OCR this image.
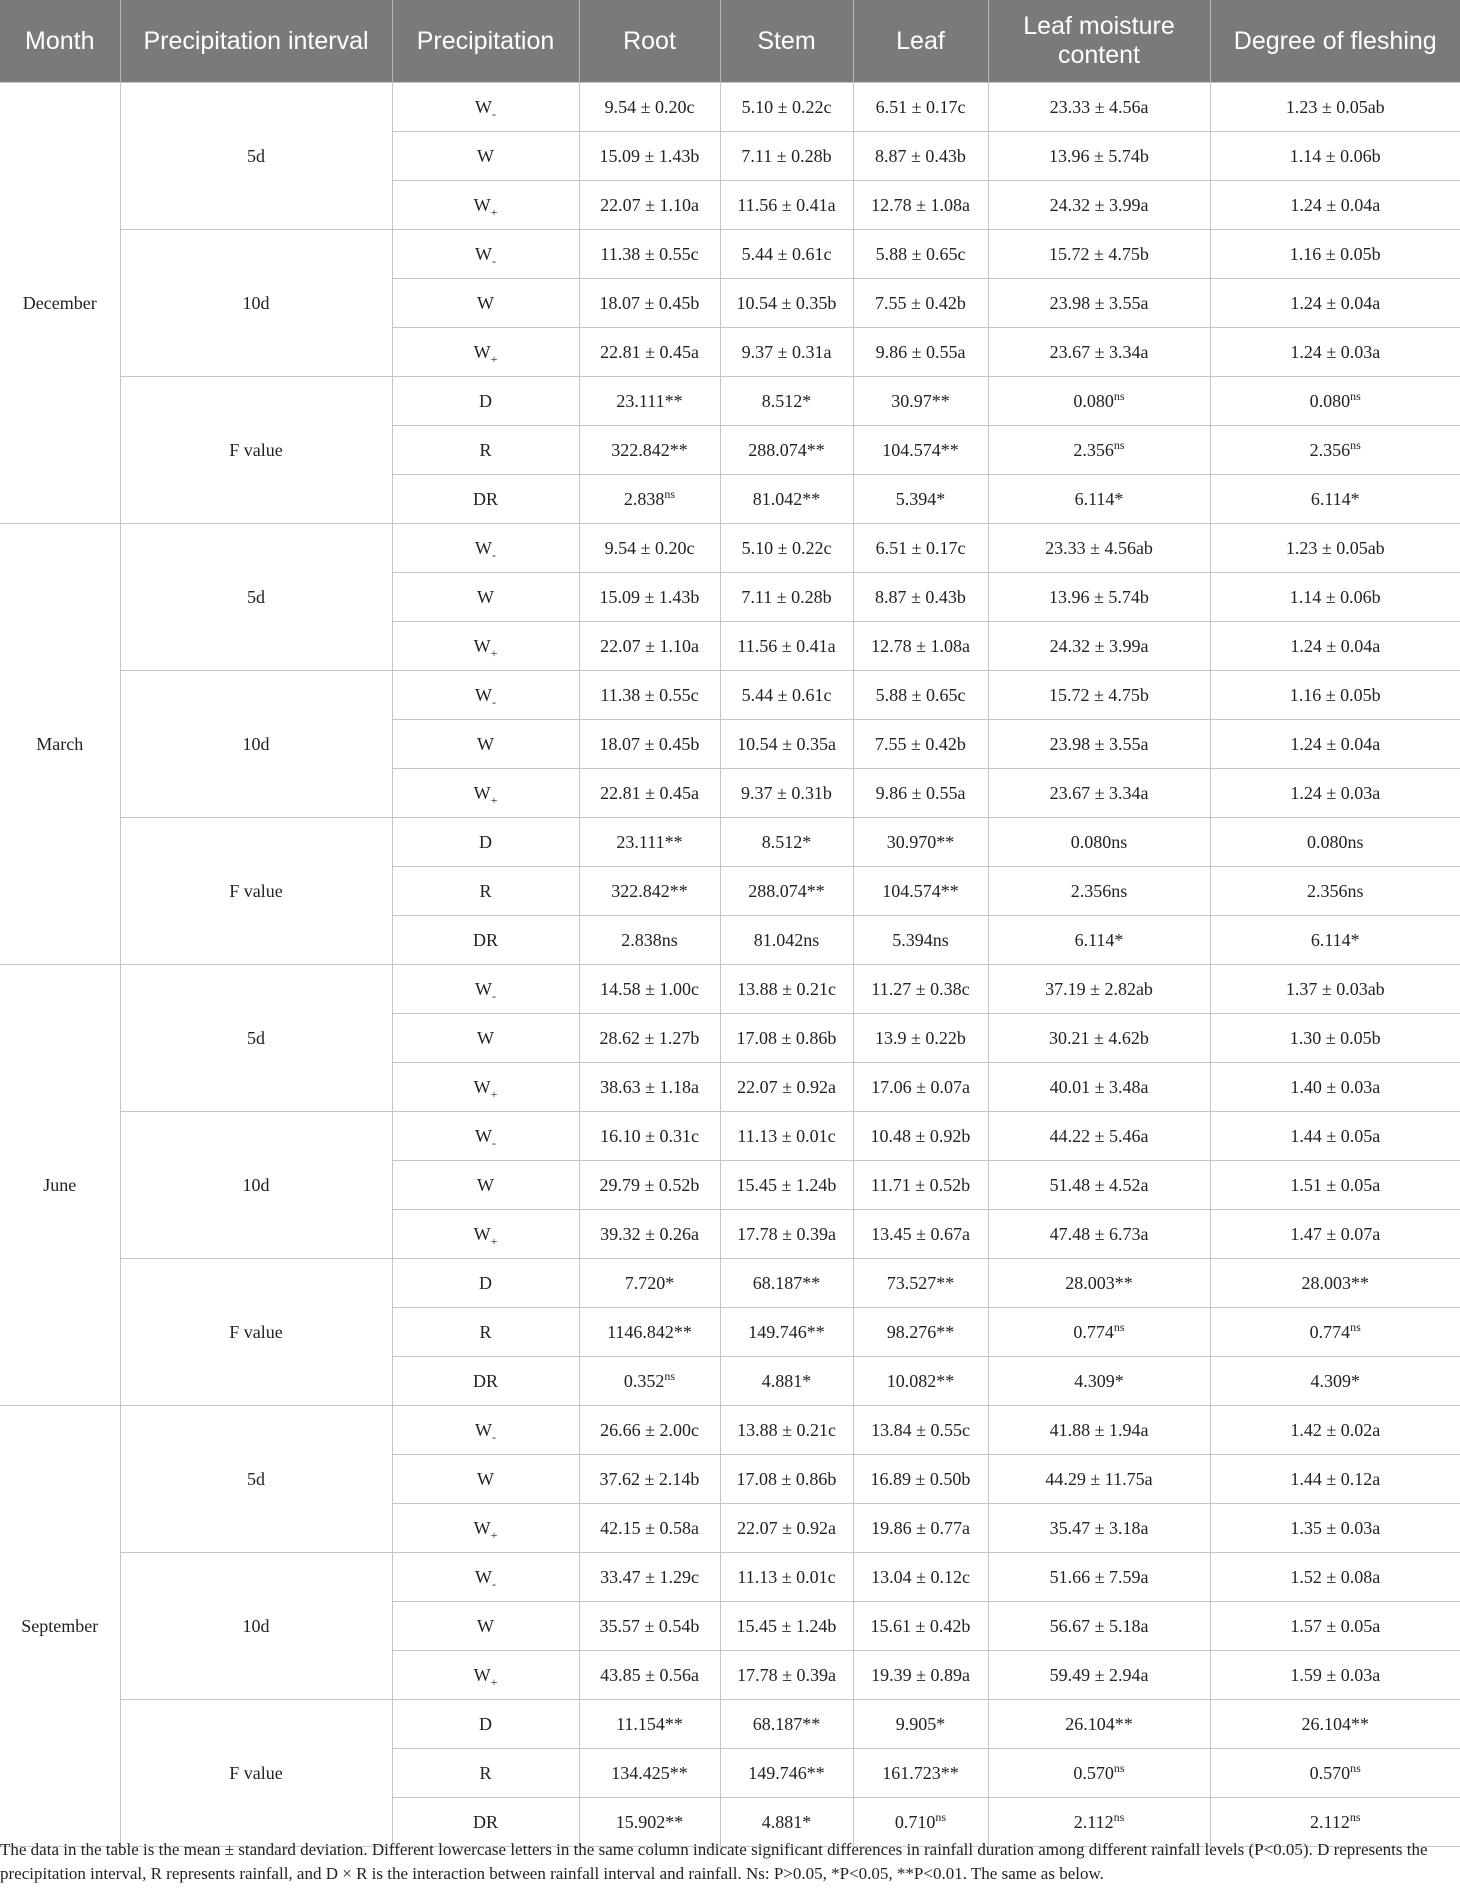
Month	Precipitation interval	Precipitation	Root	Stem	Leaf	Leaf moisture content	Degree of fleshing
December	5d	$W_-$	9.54 ± 0.20c	5.10 ± 0.22c	6.51 ± 0.17c	23.33 ± 4.56a	1.23 ± 0.05ab
		W	15.09 ± 1.43b	7.11 ± 0.28b	8.87 ± 0.43b	13.96 ± 5.74b	1.14 ± 0.06b
		$W_+$	22.07 ± 1.10a	11.56 ± 0.41a	12.78 ± 1.08a	24.32 ± 3.99a	1.24 ± 0.04a
	10d	$W_-$	11.38 ± 0.55c	5.44 ± 0.61c	5.88 ± 0.65c	15.72 ± 4.75b	1.16 ± 0.05b
		W	18.07 ± 0.45b	10.54 ± 0.35b	7.55 ± 0.42b	23.98 ± 3.55a	1.24 ± 0.04a
		$W_+$	22.81 ± 0.45a	9.37 ± 0.31a	9.86 ± 0.55a	23.67 ± 3.34a	1.24 ± 0.03a
	F value	D	23.111**	8.512*	30.97**	$0.080^{ns}$	$0.080^{ns}$
		R	322.842**	288.074**	104.574**	$2.356^{ns}$	$2.356^{ns}$
		DR	$2.838^{ns}$	81.042**	5.394*	6.114*	6.114*
March	5d	$W_-$	9.54 ± 0.20c	5.10 ± 0.22c	6.51 ± 0.17c	23.33 ± 4.56ab	1.23 ± 0.05ab
		W	15.09 ± 1.43b	7.11 ± 0.28b	8.87 ± 0.43b	13.96 ± 5.74b	1.14 ± 0.06b
		$W_+$	22.07 ± 1.10a	11.56 ± 0.41a	12.78 ± 1.08a	24.32 ± 3.99a	1.24 ± 0.04a
	10d	$W_-$	11.38 ± 0.55c	5.44 ± 0.61c	5.88 ± 0.65c	15.72 ± 4.75b	1.16 ± 0.05b
		W	18.07 ± 0.45b	10.54 ± 0.35a	7.55 ± 0.42b	23.98 ± 3.55a	1.24 ± 0.04a
		$W_+$	22.81 ± 0.45a	9.37 ± 0.31b	9.86 ± 0.55a	23.67 ± 3.34a	1.24 ± 0.03a
	F value	D	23.111**	8.512*	30.970**	0.080ns	0.080ns
		R	322.842**	288.074**	104.574**	2.356ns	2.356ns
		DR	2.838ns	81.042ns	5.394ns	6.114*	6.114*
June	5d	$W_-$	14.58 ± 1.00c	13.88 ± 0.21c	11.27 ± 0.38c	37.19 ± 2.82ab	1.37 ± 0.03ab
		W	28.62 ± 1.27b	17.08 ± 0.86b	13.9 ± 0.22b	30.21 ± 4.62b	1.30 ± 0.05b
		$W_+$	38.63 ± 1.18a	22.07 ± 0.92a	17.06 ± 0.07a	40.01 ± 3.48a	1.40 ± 0.03a
	10d	$W_-$	16.10 ± 0.31c	11.13 ± 0.01c	10.48 ± 0.92b	44.22 ± 5.46a	1.44 ± 0.05a
		W	29.79 ± 0.52b	15.45 ± 1.24b	11.71 ± 0.52b	51.48 ± 4.52a	1.51 ± 0.05a
		$W_+$	39.32 ± 0.26a	17.78 ± 0.39a	13.45 ± 0.67a	47.48 ± 6.73a	1.47 ± 0.07a
	F value	D	7.720*	68.187**	73.527**	28.003**	28.003**
		R	1146.842**	149.746**	98.276**	$0.774^{ns}$	$0.774^{ns}$
		DR	$0.352^{ns}$	4.881*	10.082**	4.309*	4.309*
September	5d	$W_-$	26.66 ± 2.00c	13.88 ± 0.21c	13.84 ± 0.55c	41.88 ± 1.94a	1.42 ± 0.02a
		W	37.62 ± 2.14b	17.08 ± 0.86b	16.89 ± 0.50b	44.29 ± 11.75a	1.44 ± 0.12a
		$W_+$	42.15 ± 0.58a	22.07 ± 0.92a	19.86 ± 0.77a	35.47 ± 3.18a	1.35 ± 0.03a
	10d	$W_-$	33.47 ± 1.29c	11.13 ± 0.01c	13.04 ± 0.12c	51.66 ± 7.59a	1.52 ± 0.08a
		W	35.57 ± 0.54b	15.45 ± 1.24b	15.61 ± 0.42b	56.67 ± 5.18a	1.57 ± 0.05a
		$W_+$	43.85 ± 0.56a	17.78 ± 0.39a	19.39 ± 0.89a	59.49 ± 2.94a	1.59 ± 0.03a
	F value	D	11.154**	68.187**	9.905*	26.104**	26.104**
		R	134.425**	149.746**	161.723**	$0.570^{ns}$	$0.570^{ns}$
		DR	15.902**	4.881*	$0.710^{ns}$	$2.112^{ns}$	$2.112^{ns}$
The data in the table is the mean ± standard deviation. Different lowercase letters in the same column indicate significant differences in rainfall duration among different rainfall levels (P<0.05). D represents the precipitation interval, R represents rainfall, and D × R is the interaction between rainfall interval and rainfall. Ns: P>0.05, *P<0.05, **P<0.01. The same as below.
